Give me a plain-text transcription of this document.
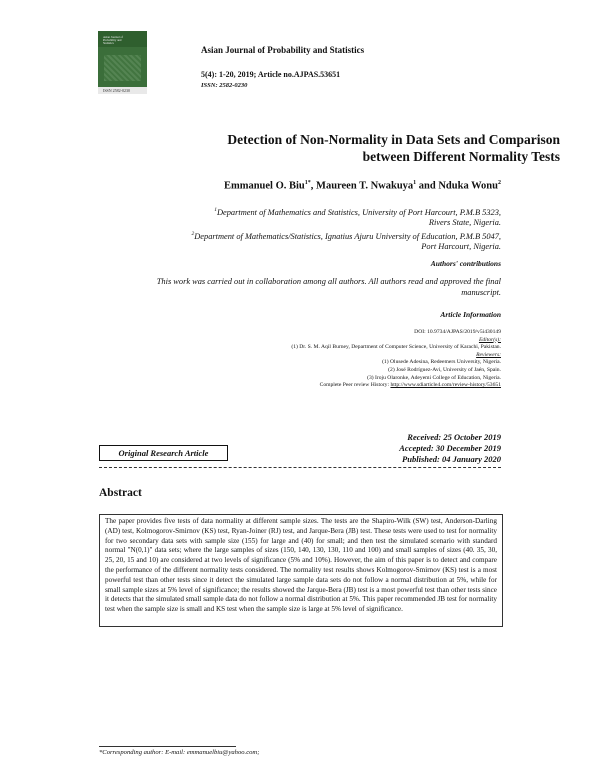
Asian Journal of
Probability and
Statistics
ISSN 2582-0230
Asian Journal of Probability and Statistics
5(4): 1-20, 2019; Article no.AJPAS.53651
ISSN: 2582-0230
Detection of Non-Normality in Data Sets and Comparison
between Different Normality Tests
Emmanuel O. Biu$^{1*}$, Maureen T. Nwakuya$^1$ and Nduka Wonu$^2$
$^1$Department of Mathematics and Statistics, University of Port Harcourt, P.M.B 5323,
Rivers State, Nigeria.
$^2$Department of Mathematics/Statistics, Ignatius Ajuru University of Education, P.M.B 5047,
Port Harcourt, Nigeria.
Authors' contributions
This work was carried out in collaboration among all authors. All authors read and approved the final
manuscript.
Article Information
DOI: 10.9734/AJPAS/2019/v5i430149
Editor(s):
(1) Dr. S. M. Aqil Burney, Department of Computer Science, University of Karachi, Pakistan.
Reviewers:
(1) Olusede Adesina, Redeemers University, Nigeria.
(2) José Rodríguez-Avi, University of Jaén, Spain.
(3) Iroju Olaronke, Adeyemi College of Education, Nigeria.
Complete Peer review History: http://www.sdiarticle4.com/review-history/53651
Original Research Article
Received: 25 October 2019
Accepted: 30 December 2019
Published: 04 January 2020
Abstract
The paper provides five tests of data normality at different sample sizes. The tests are the Shapiro-Wilk (SW) test, Anderson-Darling (AD) test, Kolmogorov-Smirnov (KS) test, Ryan-Joiner (RJ) test, and Jarque-Bera (JB) test. These tests were used to test for normality for two secondary data sets with sample size (155) for large and (40) for small; and then test the simulated scenario with standard normal "N(0,1)" data sets; where the large samples of sizes (150, 140, 130, 130, 110 and 100) and small samples of sizes (40. 35, 30, 25, 20, 15 and 10) are considered at two levels of significance (5% and 10%). However, the aim of this paper is to detect and compare the performance of the different normality tests considered. The normality test results shows Kolmogorov-Smirnov (KS) test is a most powerful test than other tests since it detect the simulated large sample data sets do not follow a normal distribution at 5%, while for small sample sizes at 5% level of significance; the results showed the Jarque-Bera (JB) test is a most powerful test than other tests since it detects that the simulated small sample data do not follow a normal distribution at 5%. This paper recommended JB test for normality test when the sample size is small and KS test when the sample size is large at 5% level of significance.
*Corresponding author: E-mail: emmanuelbiu@yahoo.com;
